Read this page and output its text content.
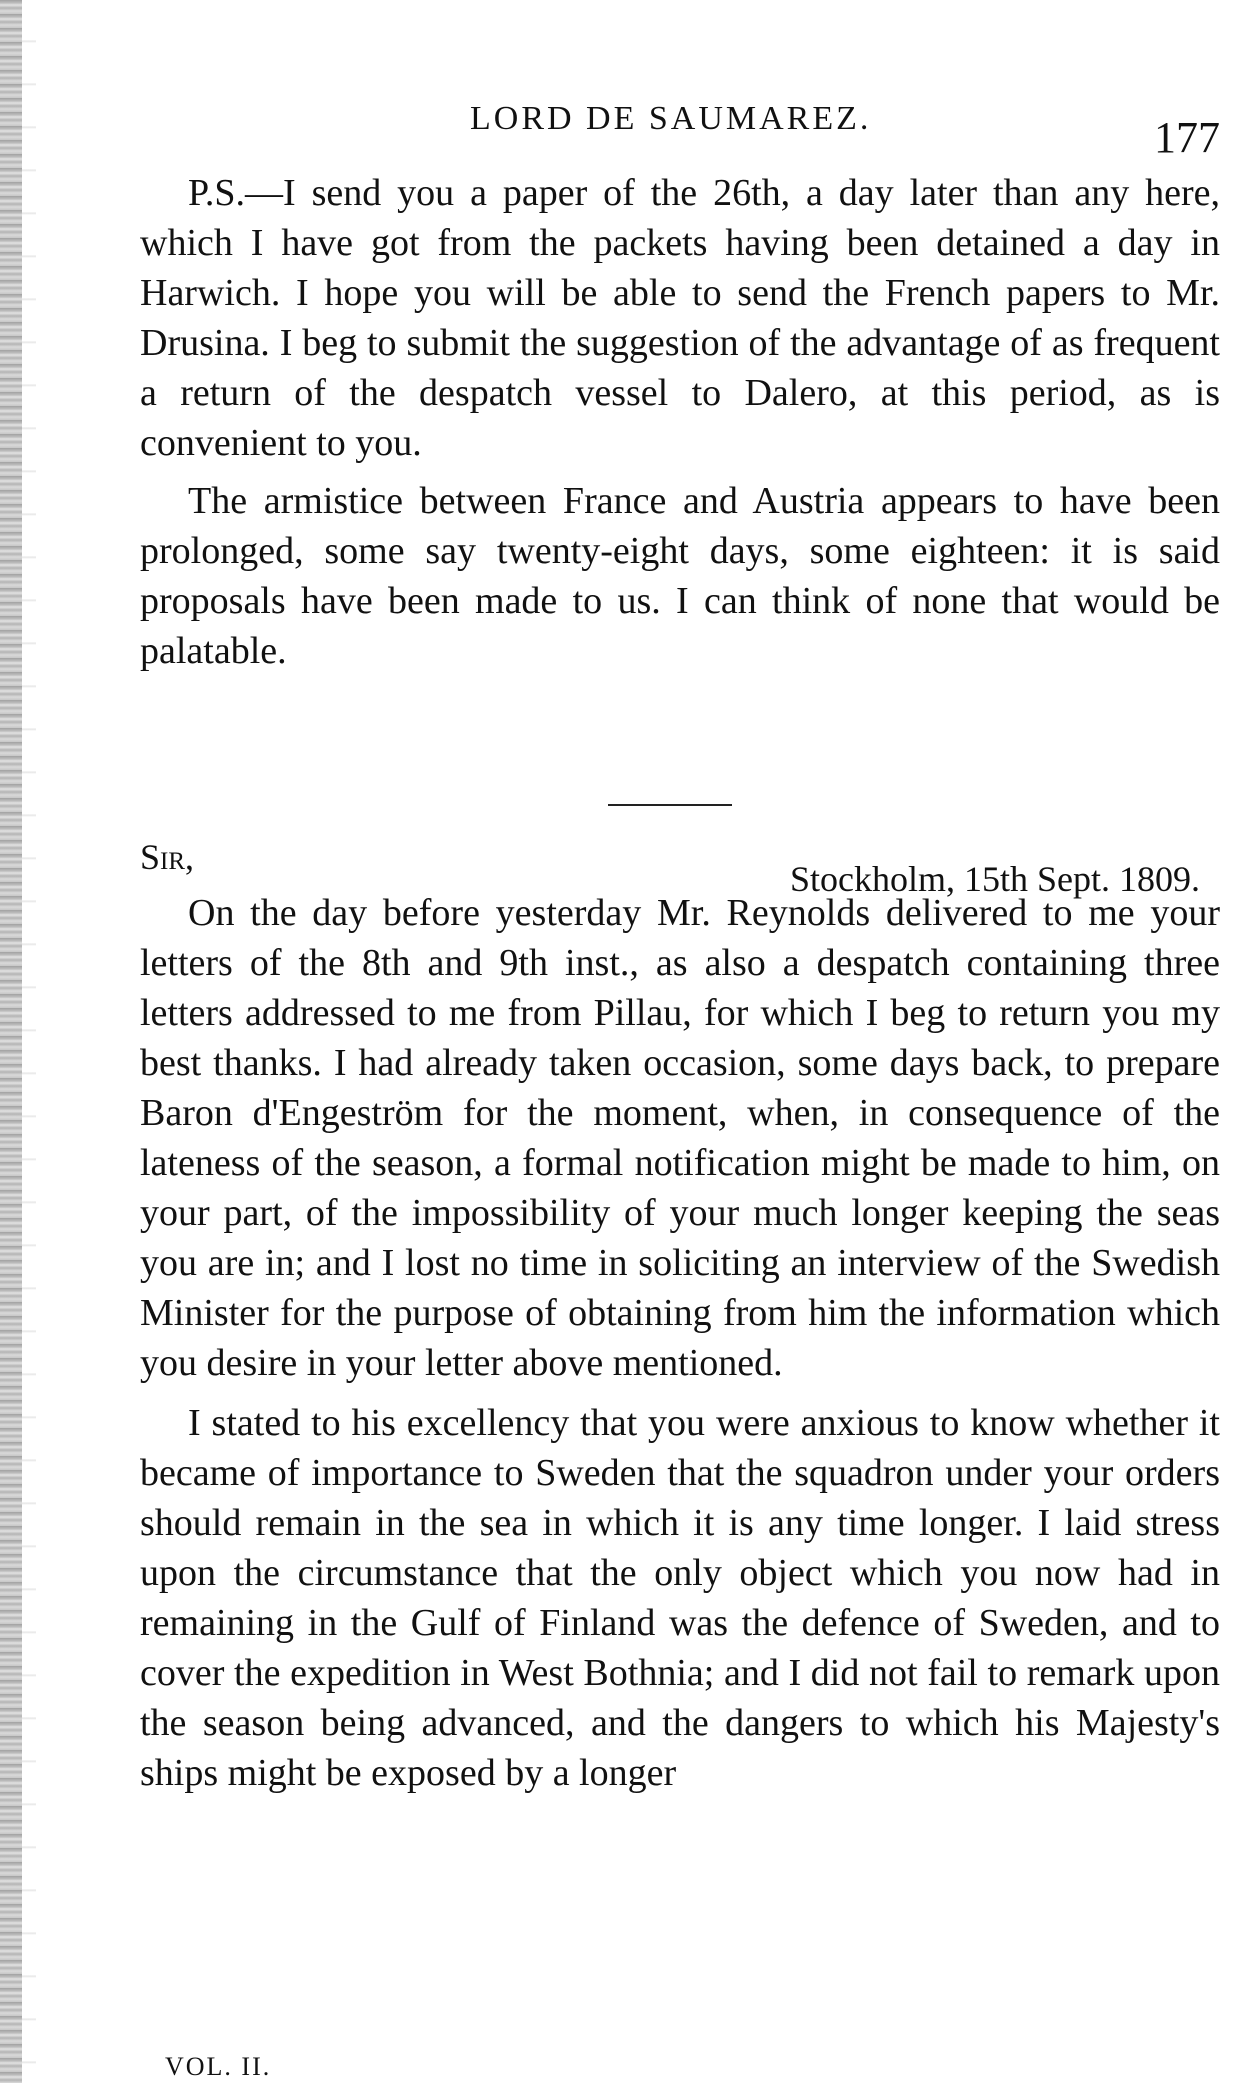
LORD DE SAUMAREZ.	177

P.S.—I send you a paper of the 26th, a day later than any here, which I have got from the packets having been detained a day in Harwich. I hope you will be able to send the French papers to Mr. Drusina. I beg to submit the suggestion of the advantage of as frequent a return of the despatch vessel to Dalero, at this period, as is convenient to you.

The armistice between France and Austria appears to have been prolonged, some say twenty-eight days, some eighteen: it is said proposals have been made to us. I can think of none that would be palatable.

Sir,
Stockholm, 15th Sept. 1809.

On the day before yesterday Mr. Reynolds delivered to me your letters of the 8th and 9th inst., as also a despatch containing three letters addressed to me from Pillau, for which I beg to return you my best thanks. I had already taken occasion, some days back, to prepare Baron d'Engeström for the moment, when, in consequence of the lateness of the season, a formal notification might be made to him, on your part, of the impossibility of your much longer keeping the seas you are in; and I lost no time in soliciting an interview of the Swedish Minister for the purpose of obtaining from him the information which you desire in your letter above mentioned.

I stated to his excellency that you were anxious to know whether it became of importance to Sweden that the squadron under your orders should remain in the sea in which it is any time longer. I laid stress upon the circumstance that the only object which you now had in remaining in the Gulf of Finland was the defence of Sweden, and to cover the expedition in West Bothnia; and I did not fail to remark upon the season being advanced, and the dangers to which his Majesty's ships might be exposed by a longer

VOL. II.
